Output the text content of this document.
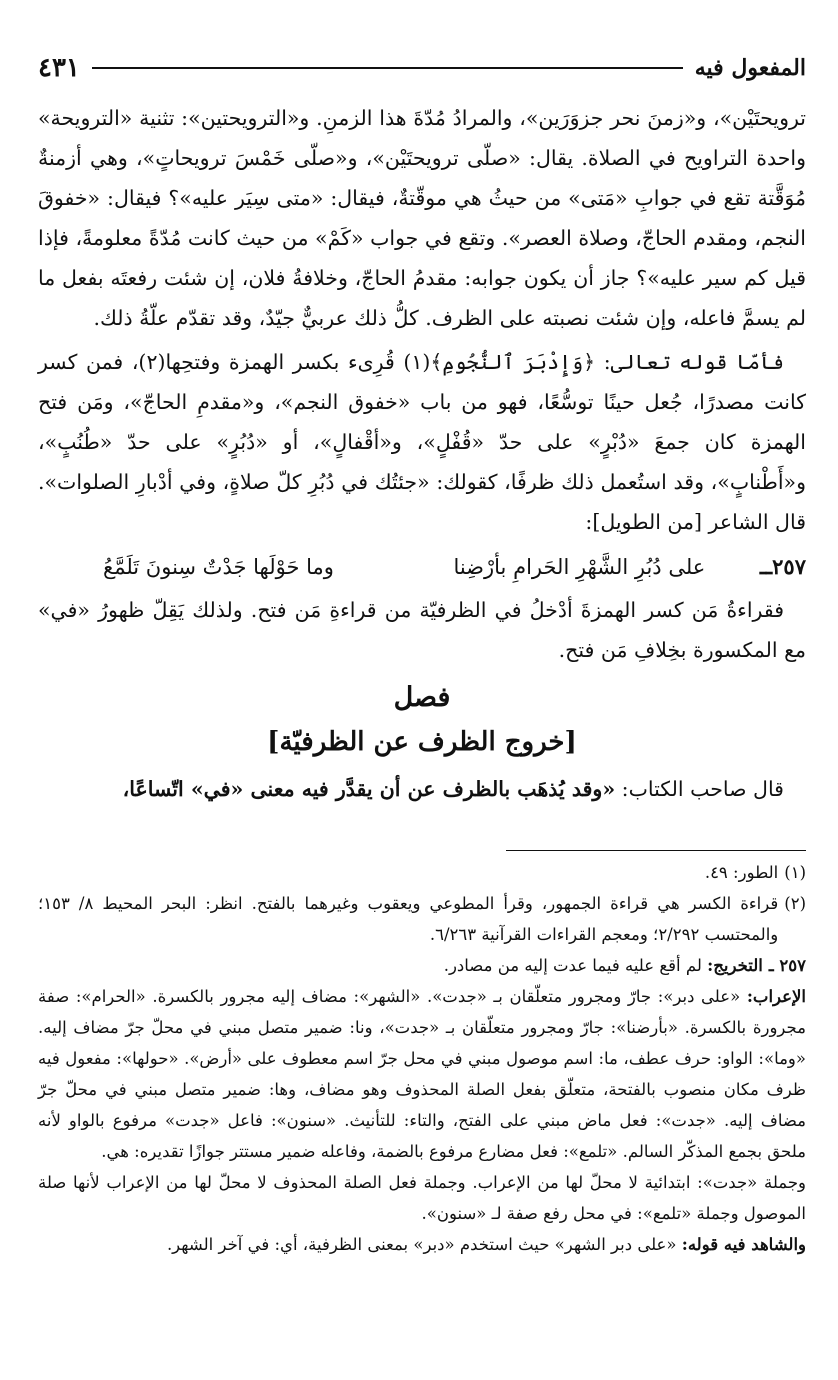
المفعول فيه
٤٣١

ترويحتَيْن»، و«زمنَ نحر جزوَرَين»، والمرادُ مُدّةَ هذا الزمنِ. و«الترويحتين»: تثنية «الترويحة» واحدة التراويح في الصلاة. يقال: «صلّى ترويحتَيْن»، و«صلّى خَمْسَ ترويحاتٍ»، وهي أزمنةٌ مُوَقَّتة تقع في جوابِ «مَتى» من حيثُ هي موقّتةٌ، فيقال: «متى سِيَر عليه»؟ فيقال: «خفوقَ النجم، ومقدم الحاجّ، وصلاة العصر». وتقع في جواب «كَمْ» من حيث كانت مُدّةً معلومةً، فإذا قيل كم سير عليه»؟ جاز أن يكون جوابه: مقدمُ الحاجّ، وخلافةُ فلان، إن شئت رفعتَه بفعل ما لم يسمَّ فاعله، وإن شئت نصبته على الظرف. كلُّ ذلك عربيٌّ جيّدٌ، وقد تقدّم علّةُ ذلك.

فأمّا قوله تعالى: ﴿وَإِدْبَرَ ٱلنُّجُومِ﴾(١) قُرِىء بكسر الهمزة وفتحِها(٢)، فمن كسر كانت مصدرًا، جُعل حينًا توسُّعًا، فهو من باب «خفوق النجم»، و«مقدمِ الحاجّ»، ومَن فتح الهمزة كان جمعَ «دُبْرٍ» على حدّ «قُفْلٍ»، و«أقْفالٍ»، أو «دُبُرٍ» على حدّ «طُنُبٍ»، و«أَطْنابٍ»، وقد استُعمل ذلك ظرفًا، كقولك: «جئتُك في دُبُرِ كلّ صلاةٍ، وفي أدْبارِ الصلوات». قال الشاعر [من الطويل]:

٢٥٧ــ
على دُبُرِ الشَّهْرِ الحَرامِ بأرْضِنا
وما حَوْلَها جَدْتٌ سِنونَ تَلَمَّعُ

فقراءةُ مَن كسر الهمزةَ أدْخلُ في الظرفيّة من قراءةِ مَن فتح. ولذلك يَقِلّ ظهورُ «في» مع المكسورة بخِلافِ مَن فتح.

فصل
[خروج الظرف عن الظرفيّة]
قال صاحب الكتاب: «وقد يُذهَب بالظرف عن أن يقدَّر فيه معنى «في» اتّساعًا،
(١)
الطور: ٤٩.
(٢)
قراءة الكسر هي قراءة الجمهور، وقرأ المطوعي ويعقوب وغيرهما بالفتح. انظر: البحر المحيط ٨/ ١٥٣؛ والمحتسب ٢/٢٩٢؛ ومعجم القراءات القرآنية ٦/٢٦٣.
٢٥٧ ـ
التخريج: لم أقع عليه فيما عدت إليه من مصادر.

الإعراب: «على دبر»: جارّ ومجرور متعلّقان بـ «جدت». «الشهر»: مضاف إليه مجرور بالكسرة. «الحرام»: صفة مجرورة بالكسرة. «بأرضنا»: جارّ ومجرور متعلّقان بـ «جدت»، ونا: ضمير متصل مبني في محلّ جرّ مضاف إليه. «وما»: الواو: حرف عطف، ما: اسم موصول مبني في محل جرّ اسم معطوف على «أرض». «حولها»: مفعول فيه ظرف مكان منصوب بالفتحة، متعلّق بفعل الصلة المحذوف وهو مضاف، وها: ضمير متصل مبني في محلّ جرّ مضاف إليه. «جدت»: فعل ماض مبني على الفتح، والتاء: للتأنيث. «سنون»: فاعل «جدت» مرفوع بالواو لأنه ملحق بجمع المذكّر السالم. «تلمع»: فعل مضارع مرفوع بالضمة، وفاعله ضمير مستتر جوازًا تقديره: هي.

وجملة «جدت»: ابتدائية لا محلّ لها من الإعراب. وجملة فعل الصلة المحذوف لا محلّ لها من الإعراب لأنها صلة الموصول وجملة «تلمع»: في محل رفع صفة لـ «سنون».

والشاهد فيه قوله: «على دبر الشهر» حيث استخدم «دبر» بمعنى الظرفية، أي: في آخر الشهر.
